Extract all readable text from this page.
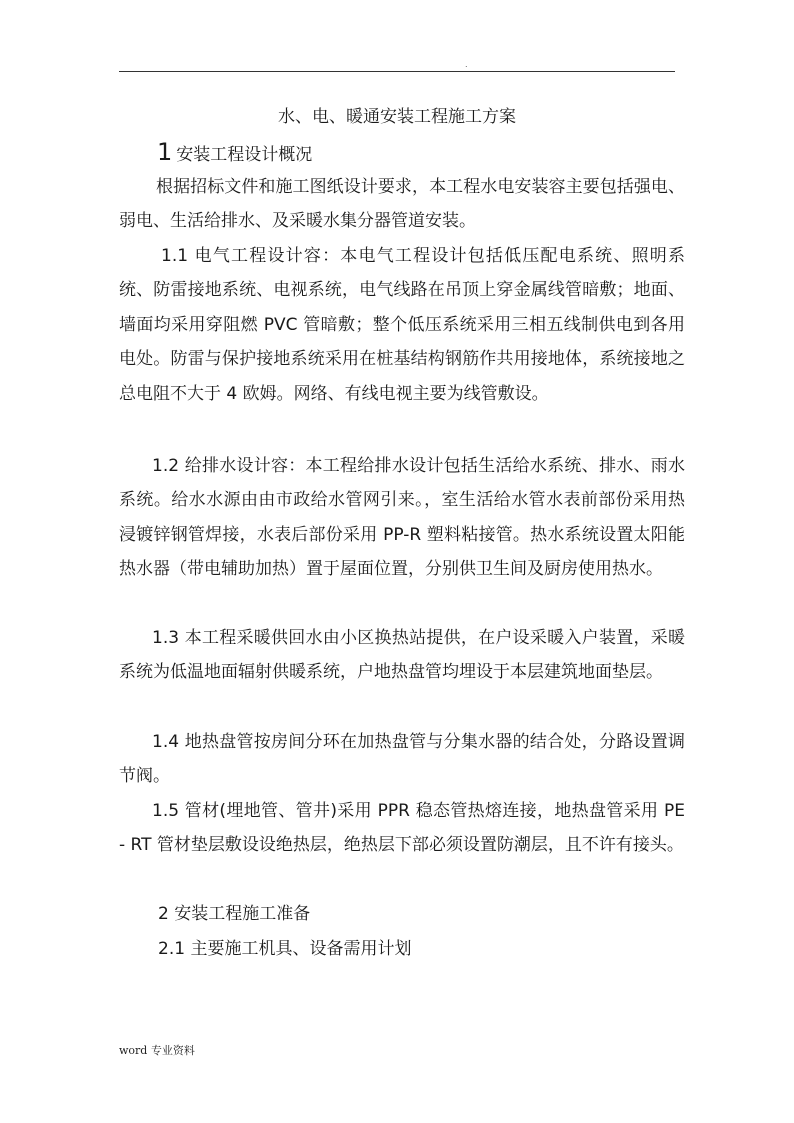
.
水、电、暖通安装工程施工方案
1 安装工程设计概况

根据招标文件和施工图纸设计要求，本工程水电安装容主要包括强电、弱电、生活给排水、及采暖水集分器管道安装。

1.1 电气工程设计容：本电气工程设计包括低压配电系统、照明系统、防雷接地系统、电视系统，电气线路在吊顶上穿金属线管暗敷；地面、墙面均采用穿阻燃 PVC 管暗敷；整个低压系统采用三相五线制供电到各用电处。防雷与保护接地系统采用在桩基结构钢筋作共用接地体，系统接地之总电阻不大于 4 欧姆。网络、有线电视主要为线管敷设。

1.2 给排水设计容：本工程给排水设计包括生活给水系统、排水、雨水系统。给水水源由由市政给水管网引来。，室生活给水管水表前部份采用热浸镀锌钢管焊接，水表后部份采用 PP-R 塑料粘接管。热水系统设置太阳能热水器（带电辅助加热）置于屋面位置，分别供卫生间及厨房使用热水。

1.3 本工程采暖供回水由小区换热站提供，在户设采暖入户装置，采暖系统为低温地面辐射供暖系统，户地热盘管均埋设于本层建筑地面垫层。

1.4 地热盘管按房间分环在加热盘管与分集水器的结合处，分路设置调节阀。

1.5 管材(埋地管、管井)采用 PPR 稳态管热熔连接，地热盘管采用 PE - RT 管材垫层敷设设绝热层，绝热层下部必须设置防潮层，且不许有接头。

2 安装工程施工准备
2.1 主要施工机具、设备需用计划
word 专业资料
